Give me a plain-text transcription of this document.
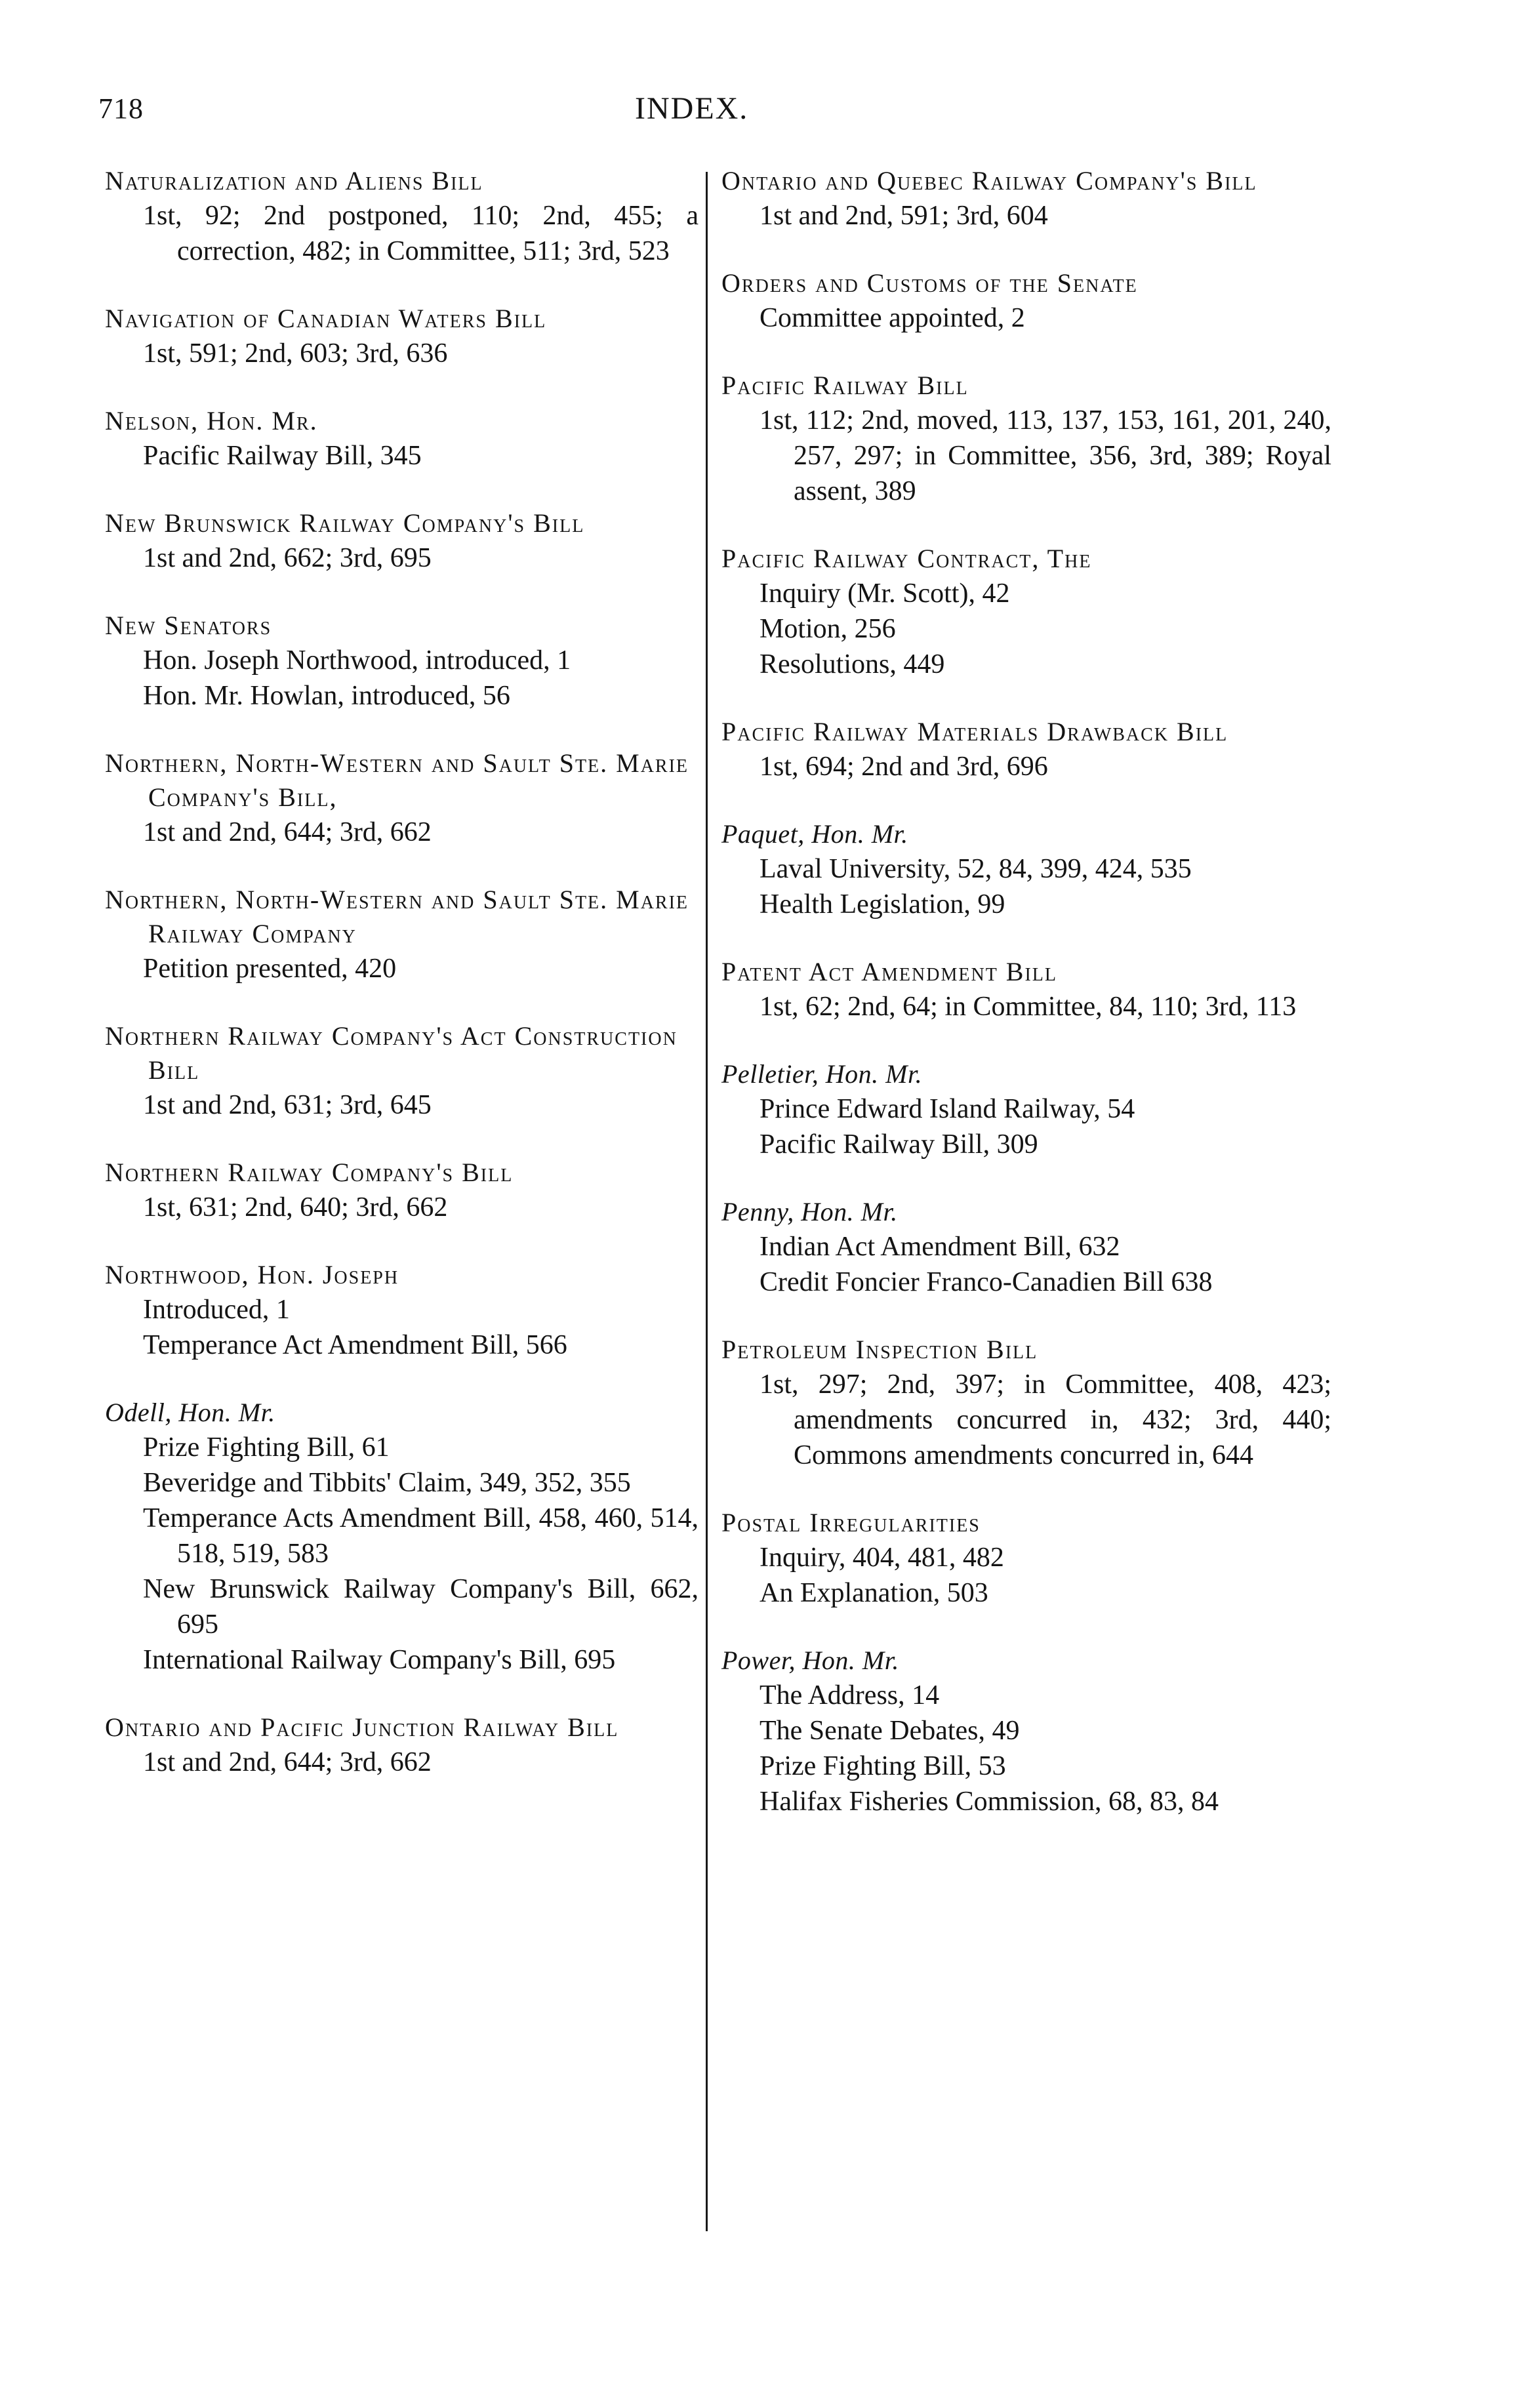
718	INDEX.
Naturalization and Aliens Bill
1st, 92; 2nd postponed, 110; 2nd, 455; a correction, 482; in Committee, 511; 3rd, 523
Navigation of Canadian Waters Bill
1st, 591; 2nd, 603; 3rd, 636
Nelson, Hon. Mr.
Pacific Railway Bill, 345
New Brunswick Railway Company's Bill
1st and 2nd, 662; 3rd, 695
New Senators
Hon. Joseph Northwood, introduced, 1
Hon. Mr. Howlan, introduced, 56
Northern, North-Western and Sault Ste. Marie Company's Bill,
1st and 2nd, 644; 3rd, 662
Northern, North-Western and Sault Ste. Marie Railway Company
Petition presented, 420
Northern Railway Company's Act Construction Bill
1st and 2nd, 631; 3rd, 645
Northern Railway Company's Bill
1st, 631; 2nd, 640; 3rd, 662
Northwood, Hon. Joseph
Introduced, 1
Temperance Act Amendment Bill, 566
Odell, Hon. Mr.
Prize Fighting Bill, 61
Beveridge and Tibbits' Claim, 349, 352, 355
Temperance Acts Amendment Bill, 458, 460, 514, 518, 519, 583
New Brunswick Railway Company's Bill, 662, 695
International Railway Company's Bill, 695
Ontario and Pacific Junction Railway Bill
1st and 2nd, 644; 3rd, 662
Ontario and Quebec Railway Company's Bill
1st and 2nd, 591; 3rd, 604
Orders and Customs of the Senate
Committee appointed, 2
Pacific Railway Bill
1st, 112; 2nd, moved, 113, 137, 153, 161, 201, 240, 257, 297; in Committee, 356, 3rd, 389; Royal assent, 389
Pacific Railway Contract, The
Inquiry (Mr. Scott), 42
Motion, 256
Resolutions, 449
Pacific Railway Materials Drawback Bill
1st, 694; 2nd and 3rd, 696
Paquet, Hon. Mr.
Laval University, 52, 84, 399, 424, 535
Health Legislation, 99
Patent Act Amendment Bill
1st, 62; 2nd, 64; in Committee, 84, 110; 3rd, 113
Pelletier, Hon. Mr.
Prince Edward Island Railway, 54
Pacific Railway Bill, 309
Penny, Hon. Mr.
Indian Act Amendment Bill, 632
Credit Foncier Franco-Canadien Bill 638
Petroleum Inspection Bill
1st, 297; 2nd, 397; in Committee, 408, 423; amendments concurred in, 432; 3rd, 440; Commons amendments concurred in, 644
Postal Irregularities
Inquiry, 404, 481, 482
An Explanation, 503
Power, Hon. Mr.
The Address, 14
The Senate Debates, 49
Prize Fighting Bill, 53
Halifax Fisheries Commission, 68, 83, 84
